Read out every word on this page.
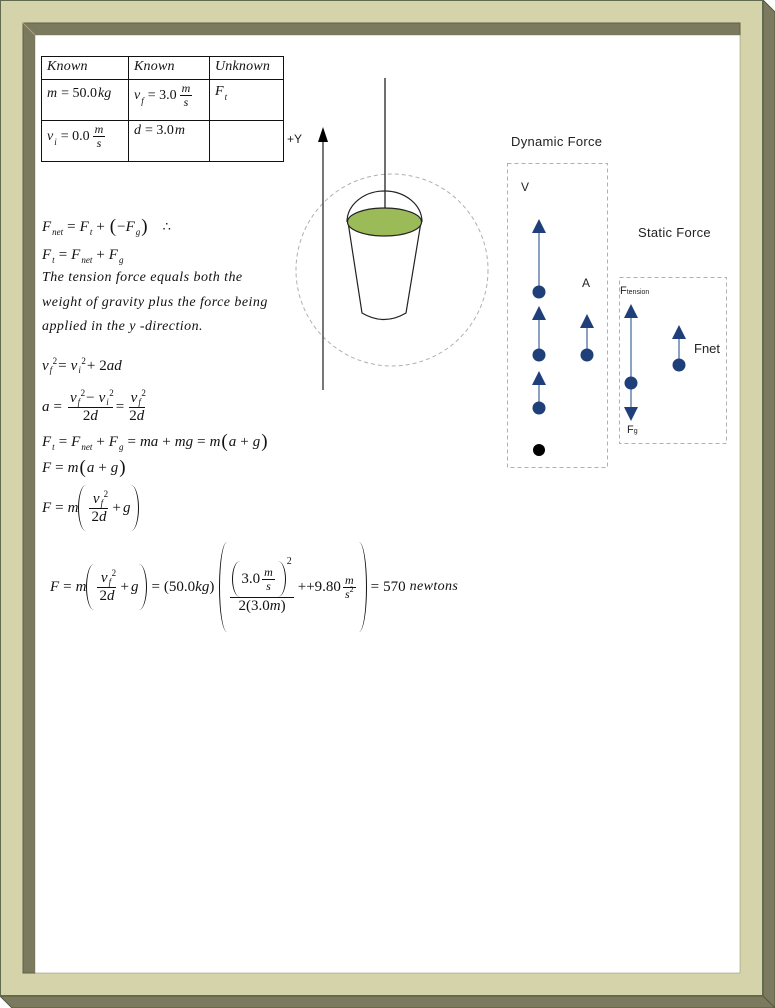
Known	Known	Unknown

m = 50.0 kg	v $f = 3.0 \frac{m}{s}$	F t

v $i = 0.0 \frac{m}{s}$	d = 3.0 m	

F net = F t + ( − F g ) ∴
F t = F net + F g
The tension force equals both the
weight of gravity plus the force being
applied in the y -direction.
v 2
f = v 2
i + 2 ad
a = v 2
f − v 2
i
2 d = v 2
f
2 d
F t = F net + F g = ma + mg = m ( a + g )
F = m ( a + g )
F = m v 2
f
2 d + g
F = m v 2
f
2 d + g = (50.0 kg ) $3.0 \frac{m}{s}$
2
2(3.0 m ) $++9.80 \frac{m}{s 2} = 570$ newtons
+Y	Dynamic Force
V
A
Static Force
Ftension
Fg
Fnet
